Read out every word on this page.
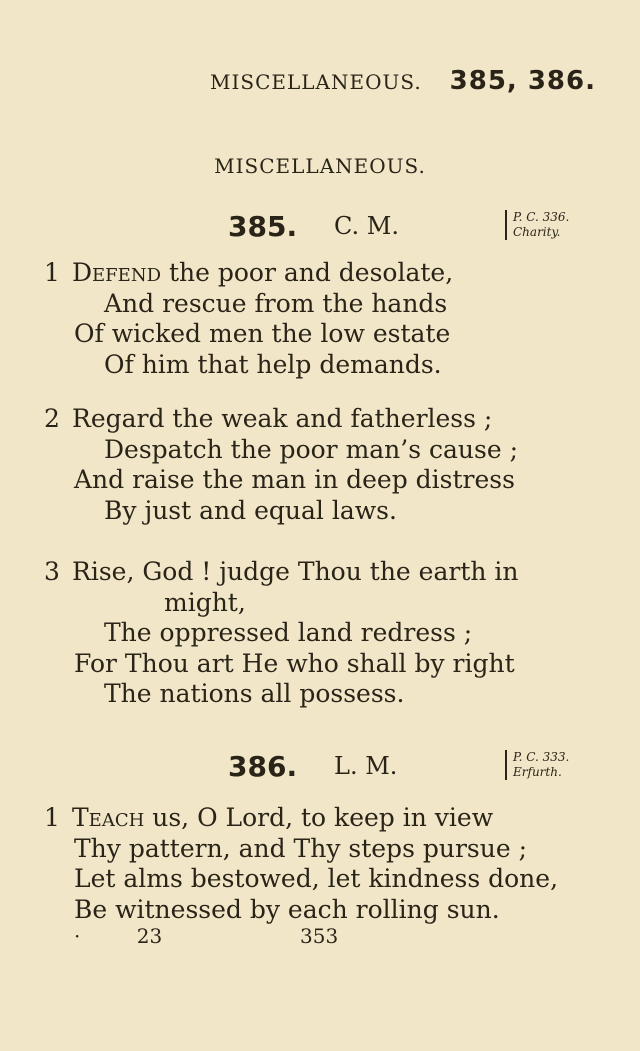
MISCELLANEOUS. 385, 386.
MISCELLANEOUS.
385. C. M.	P. C. 336.
Charity.
1 Defend the poor and desolate,
And rescue from the hands
Of wicked men the low estate
Of him that help demands.
2 Regard the weak and fatherless ;
Despatch the poor man’s cause ;
And raise the man in deep distress
By just and equal laws.
3 Rise, God ! judge Thou the earth in
might,
The oppressed land redress ;
For Thou art He who shall by right
The nations all possess.
386. L. M.	P. C. 333.
Erfurth.
1 Teach us, O Lord, to keep in view
Thy pattern, and Thy steps pursue ;
Let alms bestowed, let kindness done,
Be witnessed by each rolling sun.
·	23	353
